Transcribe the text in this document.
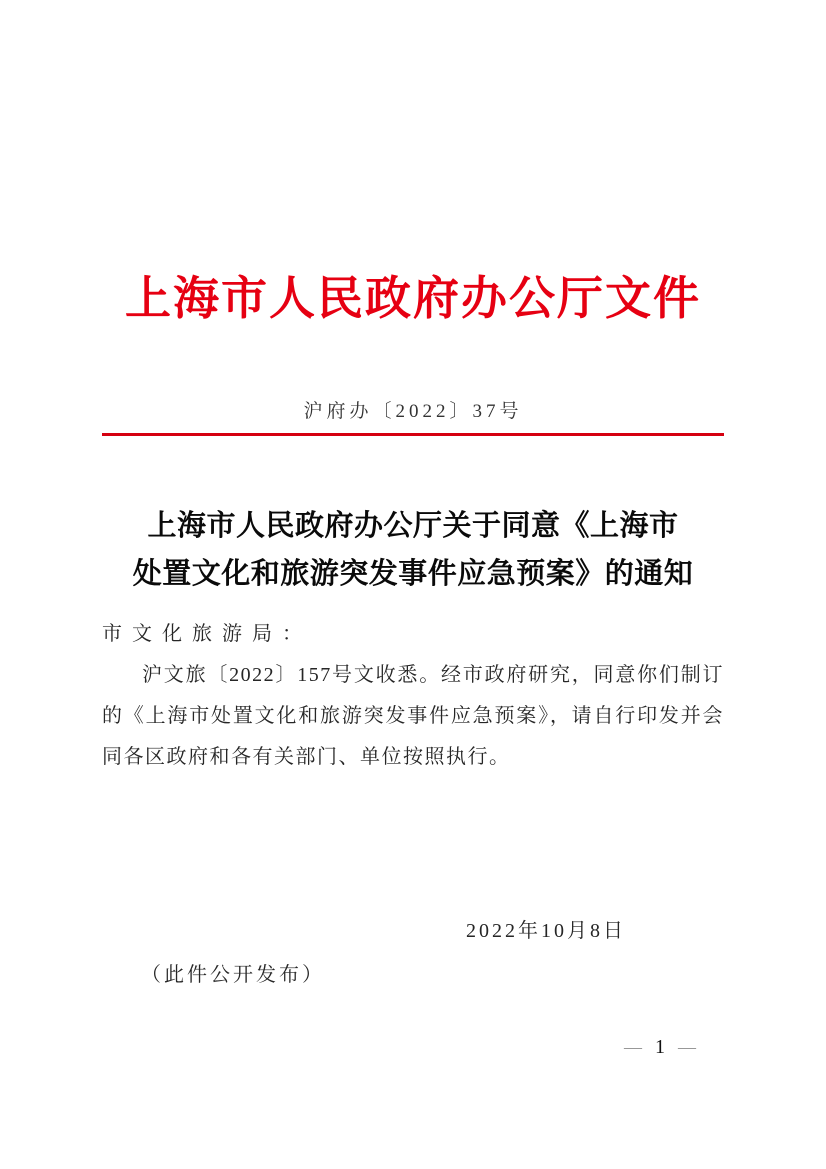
上海市人民政府办公厅文件
沪府办〔2022〕37号
上海市人民政府办公厅关于同意《上海市
处置文化和旅游突发事件应急预案》的通知
市文化旅游局：

沪文旅〔2022〕157号文收悉。经市政府研究，同意你们制订的《上海市处置文化和旅游突发事件应急预案》，请自行印发并会同各区政府和各有关部门、单位按照执行。

2022年10月8日
（此件公开发布）
— 1 —
